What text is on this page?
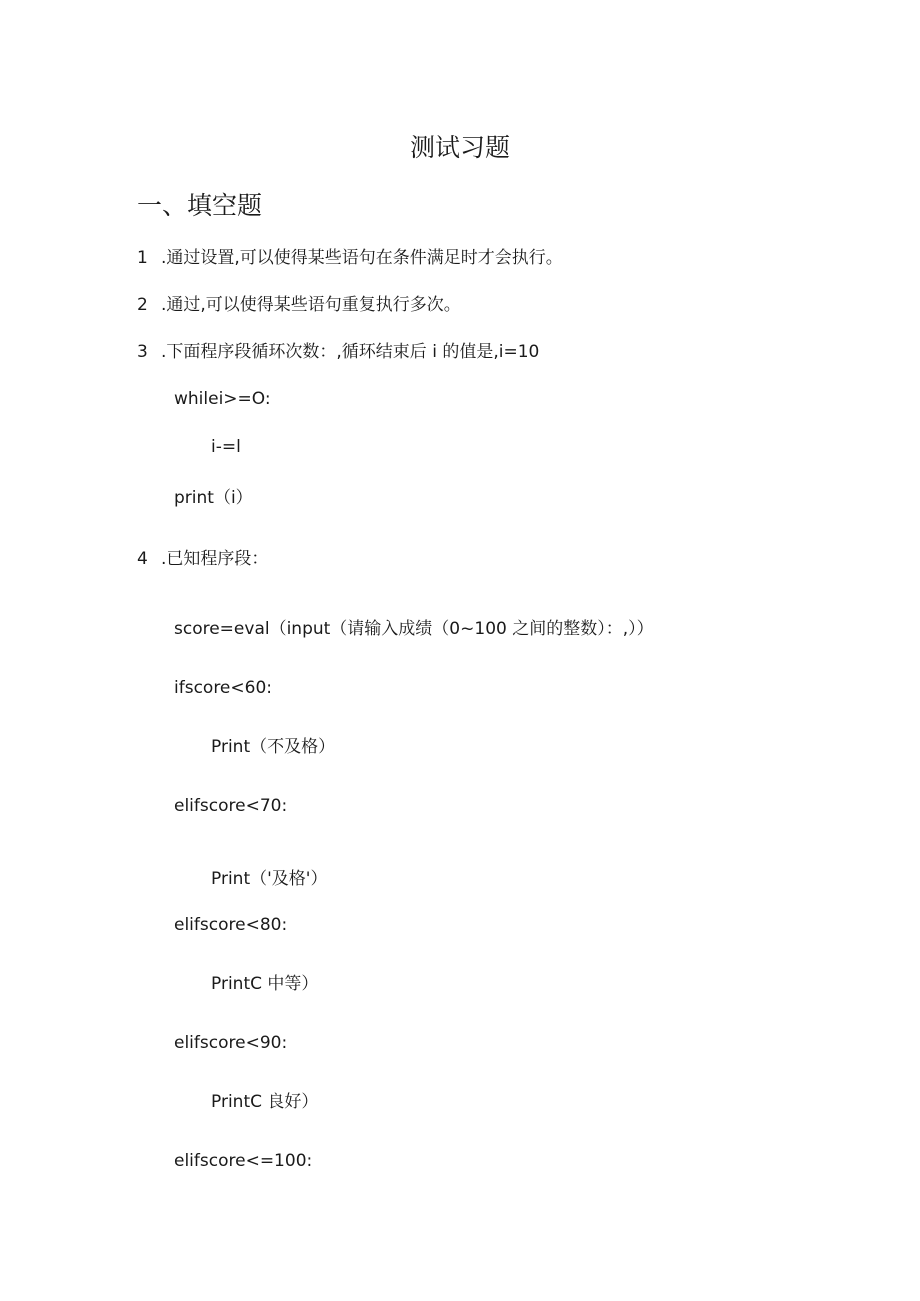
测试习题
一、填空题
1 .通过设置,可以使得某些语句在条件满足时才会执行。
2 .通过,可以使得某些语句重复执行多次。
3 .下面程序段循环次数：,循环结束后 i 的值是,i=10
whilei>=O:
i-=l
print（i）
4 .已知程序段：
score=eval（input（请输入成绩（0~100 之间的整数）：,））
ifscore<60:
Print（不及格）
elifscore<70:
Print（'及格'）
elifscore<80:
PrintC 中等）
elifscore<90:
PrintC 良好）
elifscore<=100:
